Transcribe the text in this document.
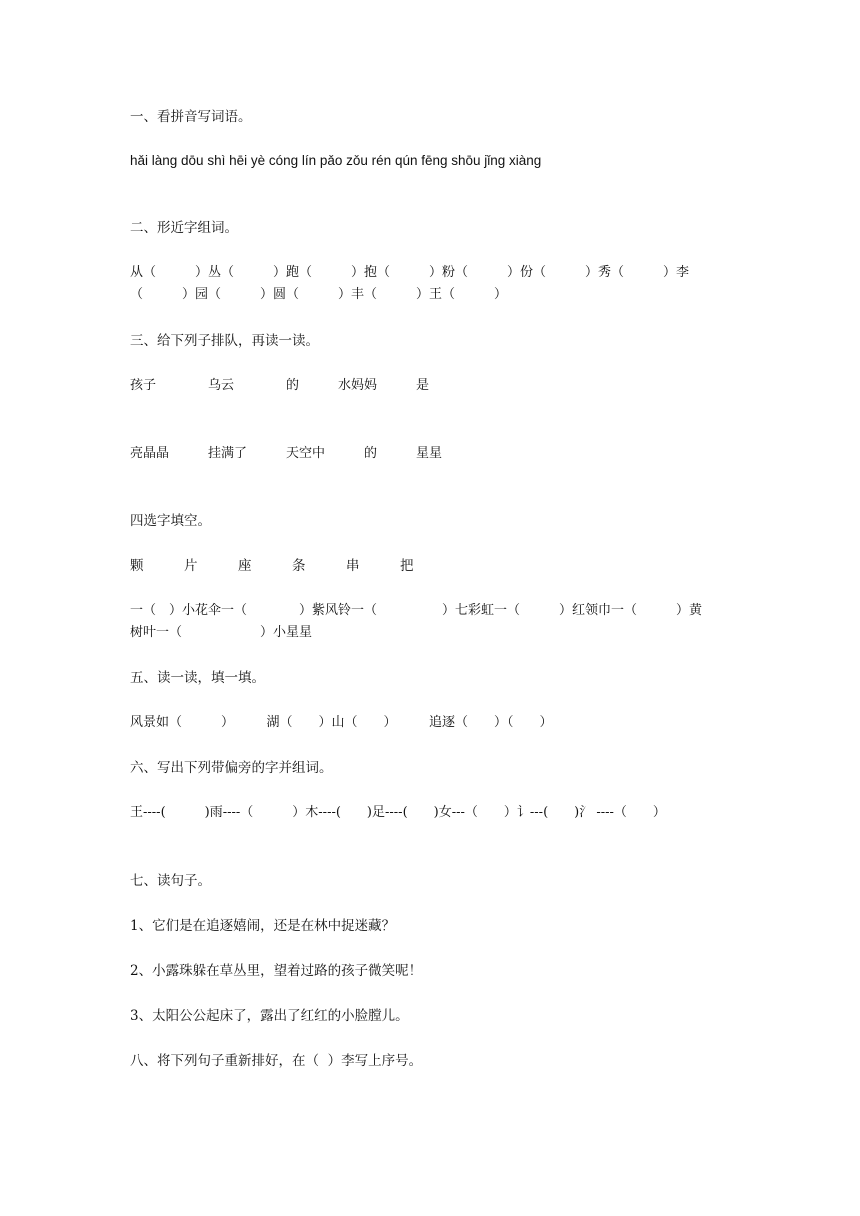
一、看拼音写词语。
hǎi làng dōu shì hēi yè cóng lín pǎo zǒu rén qún fēng shōu jǐng xiàng
二、形近字组词。
从（　　　）丛（　　　）跑（　　　）抱（　　　）粉（　　　）份（　　　）秀（　　　）李
（　　　）园（　　　）圆（　　　）丰（　　　）王（　　　）
三、给下列子排队，再读一读。
孩子　　　　乌云　　　　的　　　水妈妈　　　是
亮晶晶　　　挂满了　　　天空中　　　的　　　星星
四选字填空。
颗　　　片　　　座　　　条　　　串　　　把
一（　）小花伞一（　　　　）紫风铃一（　　　　　）七彩虹一（　　　）红领巾一（　　　）黄
树叶一（　　　　　　）小星星
五、读一读，填一填。
风景如（　　　）　　　湖（　　）山（　　）　　　追逐（　　）（　　）
六、写出下列带偏旁的字并组词。
王----(　　　)雨----（　　　）木----(　　)足----(　　)女---（　　）讠---(　　)氵 ----（　　）
七、读句子。
1、它们是在追逐嬉闹，还是在林中捉迷藏？
2、小露珠躲在草丛里，望着过路的孩子微笑呢！
3、太阳公公起床了，露出了红红的小脸膛儿。
八、将下列句子重新排好，在（  ）李写上序号。
